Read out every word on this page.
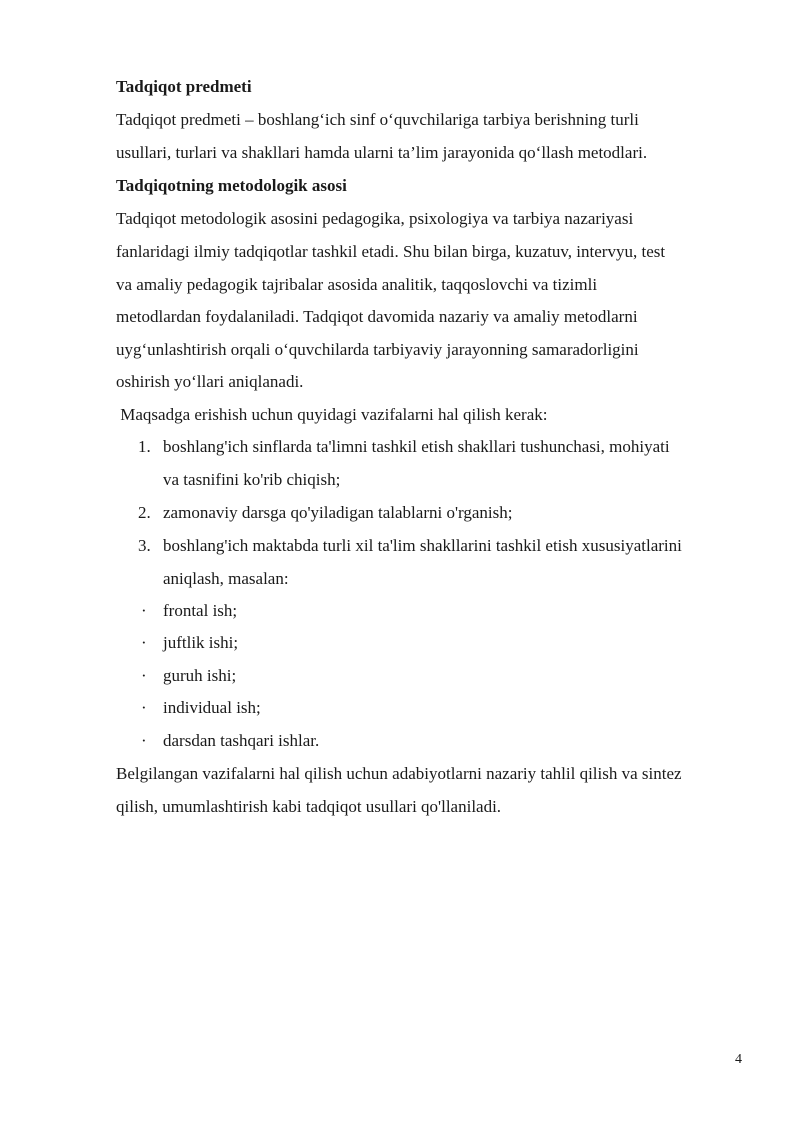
Tadqiqot predmeti
Tadqiqot predmeti – boshlang‘ich sinf o‘quvchilariga tarbiya berishning turli
usullari, turlari va shakllari hamda ularni ta’lim jarayonida qo‘llash metodlari.
Tadqiqotning metodologik asosi
Tadqiqot metodologik asosini pedagogika, psixologiya va tarbiya nazariyasi
fanlaridagi ilmiy tadqiqotlar tashkil etadi. Shu bilan birga, kuzatuv, intervyu, test
va amaliy pedagogik tajribalar asosida analitik, taqqoslovchi va tizimli
metodlardan foydalaniladi. Tadqiqot davomida nazariy va amaliy metodlarni
uyg‘unlashtirish orqali o‘quvchilarda tarbiyaviy jarayonning samaradorligini
oshirish yo‘llari aniqlanadi.
Maqsadga erishish uchun quyidagi vazifalarni hal qilish kerak:
1. boshlang'ich sinflarda ta'limni tashkil etish shakllari tushunchasi, mohiyati
va tasnifini ko'rib chiqish;
2. zamonaviy darsga qo'yiladigan talablarni o'rganish;
3. boshlang'ich maktabda turli xil ta'lim shakllarini tashkil etish xususiyatlarini
aniqlash, masalan:
· frontal ish;
· juftlik ishi;
· guruh ishi;
· individual ish;
· darsdan tashqari ishlar.
Belgilangan vazifalarni hal qilish uchun adabiyotlarni nazariy tahlil qilish va sintez
qilish, umumlashtirish kabi tadqiqot usullari qo'llaniladi.
4
